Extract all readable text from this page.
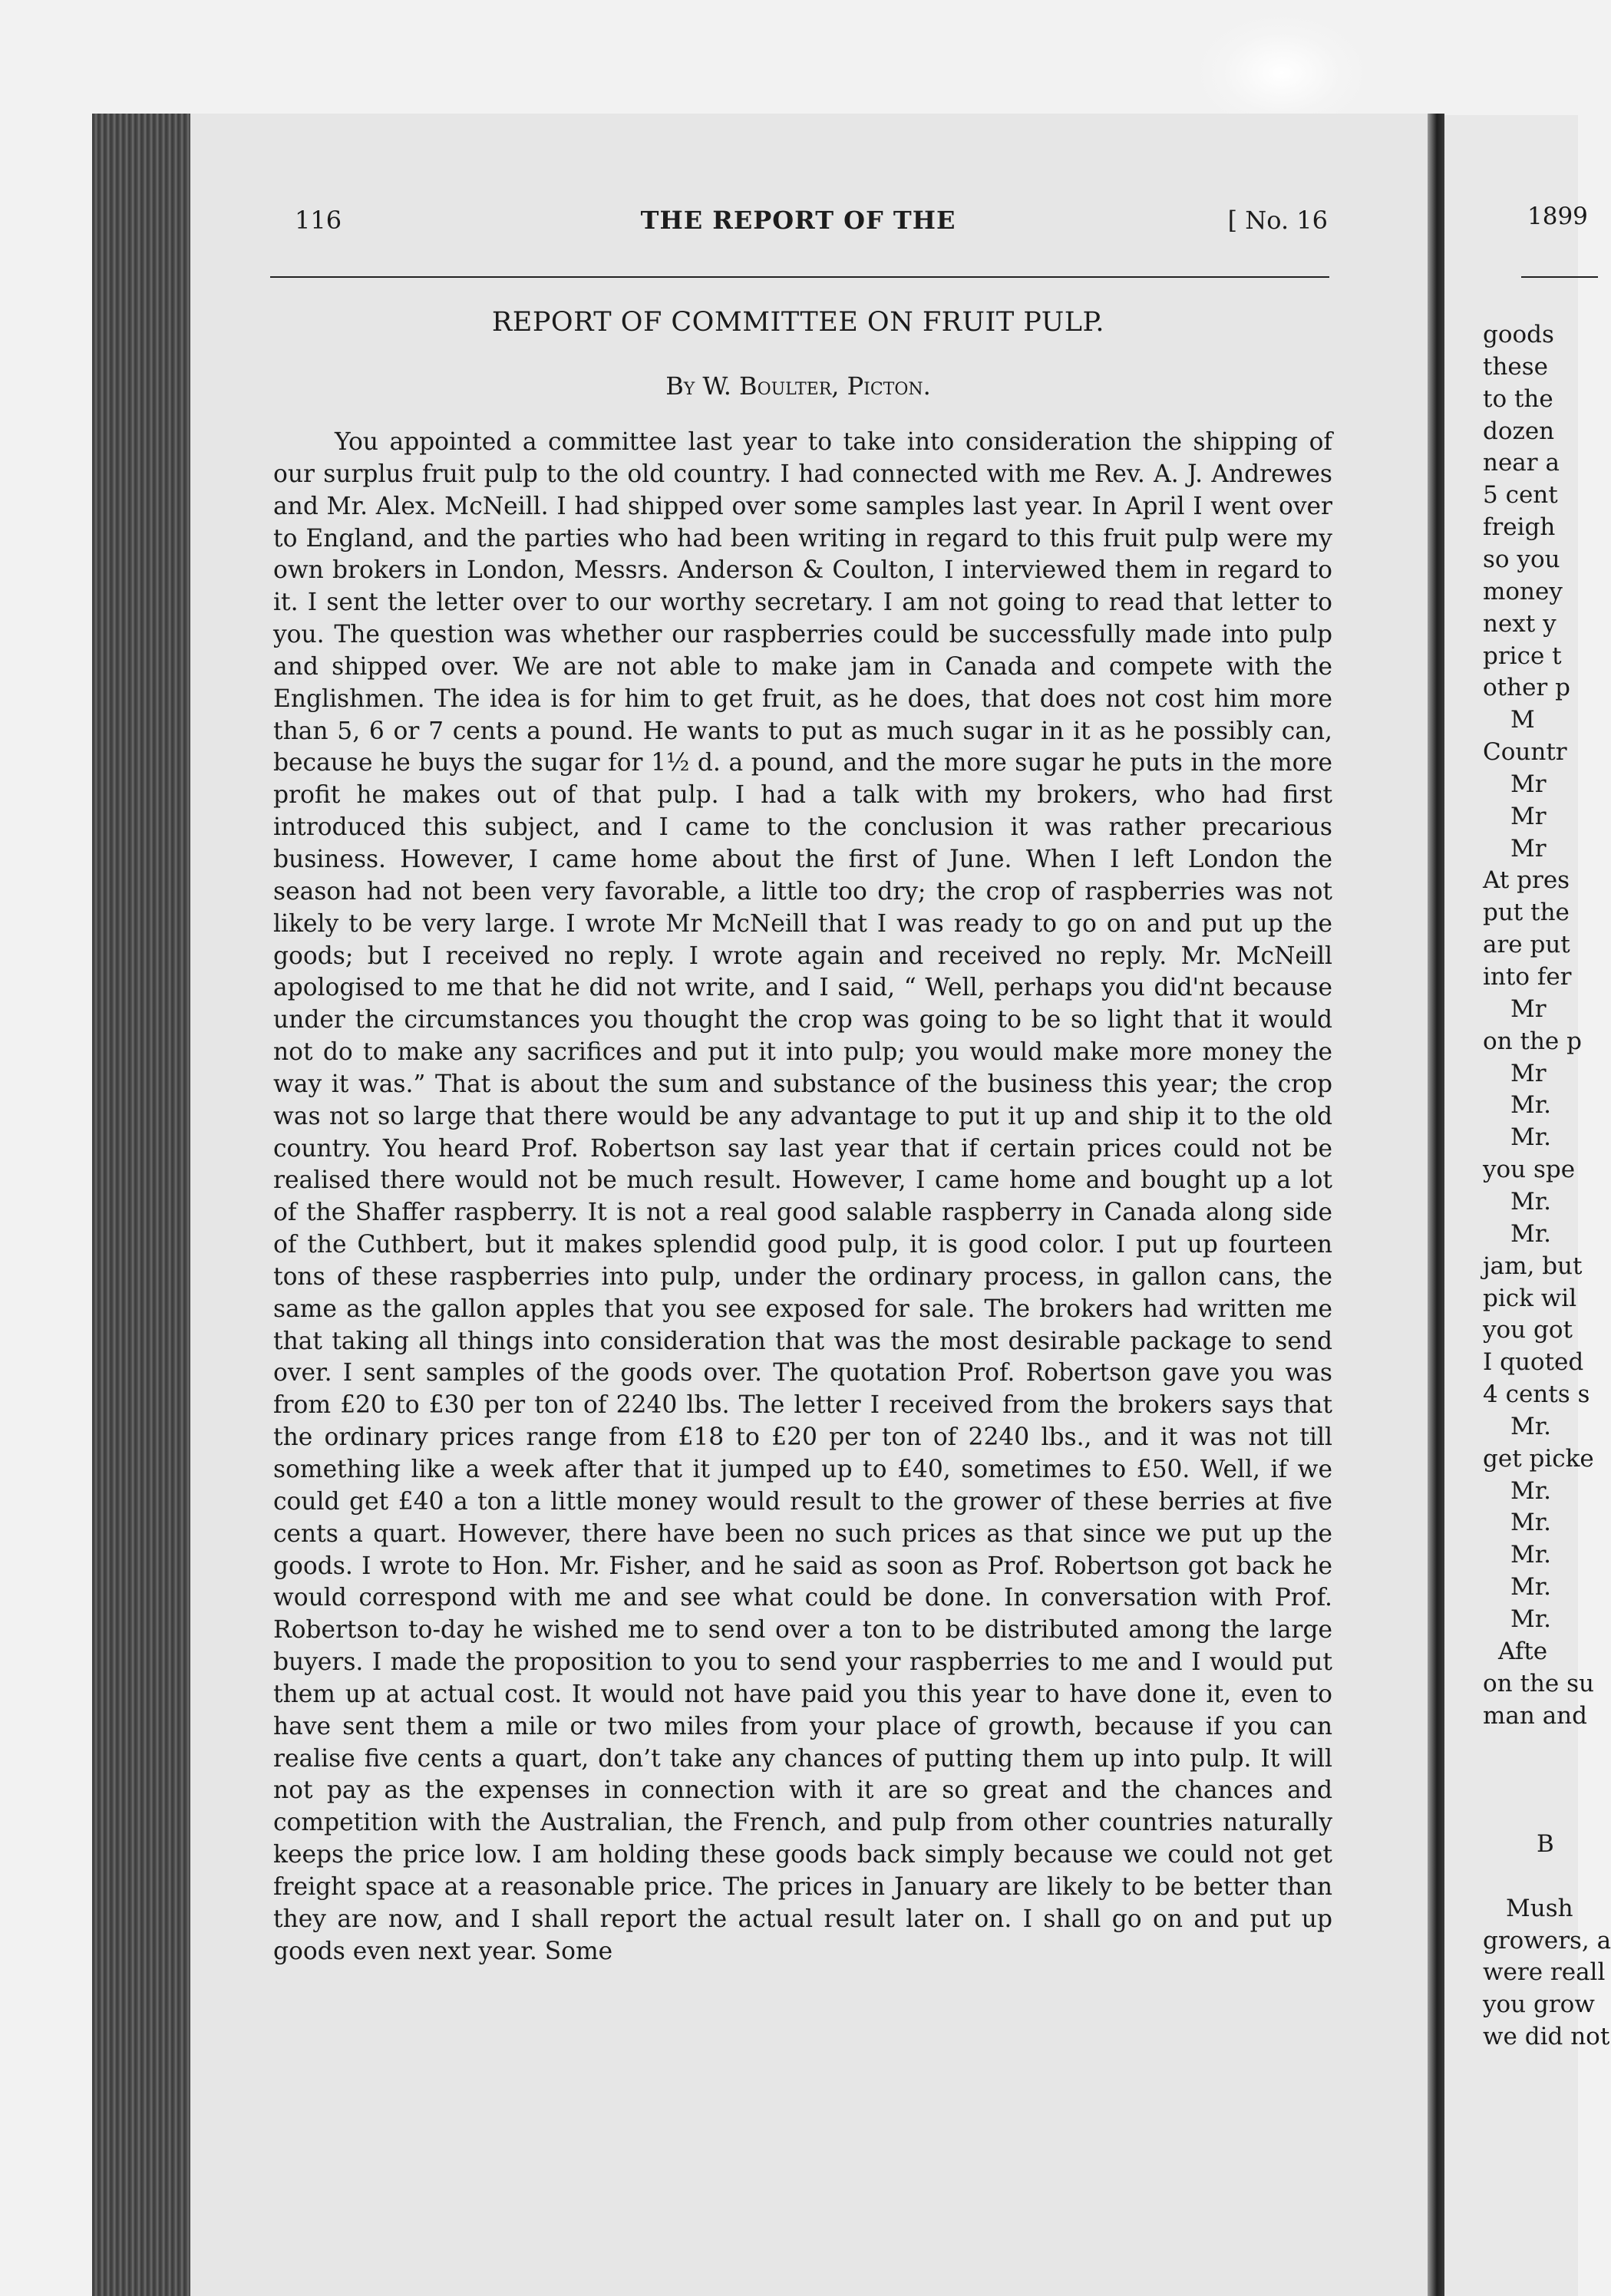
116	THE REPORT OF THE	[ No. 16
REPORT OF COMMITTEE ON FRUIT PULP.
By W. Boulter, Picton.

You appointed a committee last year to take into consideration the shipping of our surplus fruit pulp to the old country. I had connected with me Rev. A. J. Andrewes and Mr. Alex. McNeill. I had shipped over some samples last year. In April I went over to England, and the parties who had been writing in regard to this fruit pulp were my own brokers in London, Messrs. Anderson & Coulton, I interviewed them in regard to it. I sent the letter over to our worthy secretary. I am not going to read that letter to you. The question was whether our raspberries could be successfully made into pulp and shipped over. We are not able to make jam in Canada and compete with the Englishmen. The idea is for him to get fruit, as he does, that does not cost him more than 5, 6 or 7 cents a pound. He wants to put as much sugar in it as he possibly can, because he buys the sugar for 1½ d. a pound, and the more sugar he puts in the more profit he makes out of that pulp. I had a talk with my brokers, who had first introduced this subject, and I came to the conclusion it was rather precarious business. However, I came home about the first of June. When I left London the season had not been very favorable, a little too dry; the crop of raspberries was not likely to be very large. I wrote Mr McNeill that I was ready to go on and put up the goods; but I received no reply. I wrote again and received no reply. Mr. McNeill apologised to me that he did not write, and I said, “ Well, perhaps you did'nt because under the circumstances you thought the crop was going to be so light that it would not do to make any sacrifices and put it into pulp; you would make more money the way it was.” That is about the sum and substance of the business this year; the crop was not so large that there would be any advantage to put it up and ship it to the old country. You heard Prof. Robertson say last year that if certain prices could not be realised there would not be much result. However, I came home and bought up a lot of the Shaffer raspberry. It is not a real good salable raspberry in Canada along side of the Cuthbert, but it makes splendid good pulp, it is good color. I put up fourteen tons of these raspberries into pulp, under the ordinary process, in gallon cans, the same as the gallon apples that you see exposed for sale. The brokers had written me that taking all things into consideration that was the most desirable package to send over. I sent samples of the goods over. The quotation Prof. Robertson gave you was from £20 to £30 per ton of 2240 lbs. The letter I received from the brokers says that the ordinary prices range from £18 to £20 per ton of 2240 lbs., and it was not till something like a week after that it jumped up to £40, sometimes to £50. Well, if we could get £40 a ton a little money would result to the grower of these berries at five cents a quart. However, there have been no such prices as that since we put up the goods. I wrote to Hon. Mr. Fisher, and he said as soon as Prof. Robertson got back he would correspond with me and see what could be done. In conversation with Prof. Robertson to-day he wished me to send over a ton to be distributed among the large buyers. I made the proposition to you to send your raspberries to me and I would put them up at actual cost. It would not have paid you this year to have done it, even to have sent them a mile or two miles from your place of growth, because if you can realise five cents a quart, don’t take any chances of putting them up into pulp. It will not pay as the expenses in connection with it are so great and the chances and competition with the Australian, the French, and pulp from other countries naturally keeps the price low. I am holding these goods back simply because we could not get freight space at a reasonable price. The prices in January are likely to be better than they are now, and I shall report the actual result later on. I shall go on and put up goods even next year. Some

1899
goods
these
to the
dozen
near a
5 cent
freigh
so you
money
next y
price t
other p
M
Countr
Mr
Mr
Mr
At pres
put the
are put
into fer
Mr
on the p
Mr
Mr.
Mr.
you spe
Mr.
Mr.
jam, but
pick wil
you got
I quoted
4 cents s
Mr.
get picke
Mr.
Mr.
Mr.
Mr.
Mr.
Afte
on the su
man and
B
Mush
growers, a
were reall
you grow
we did not
